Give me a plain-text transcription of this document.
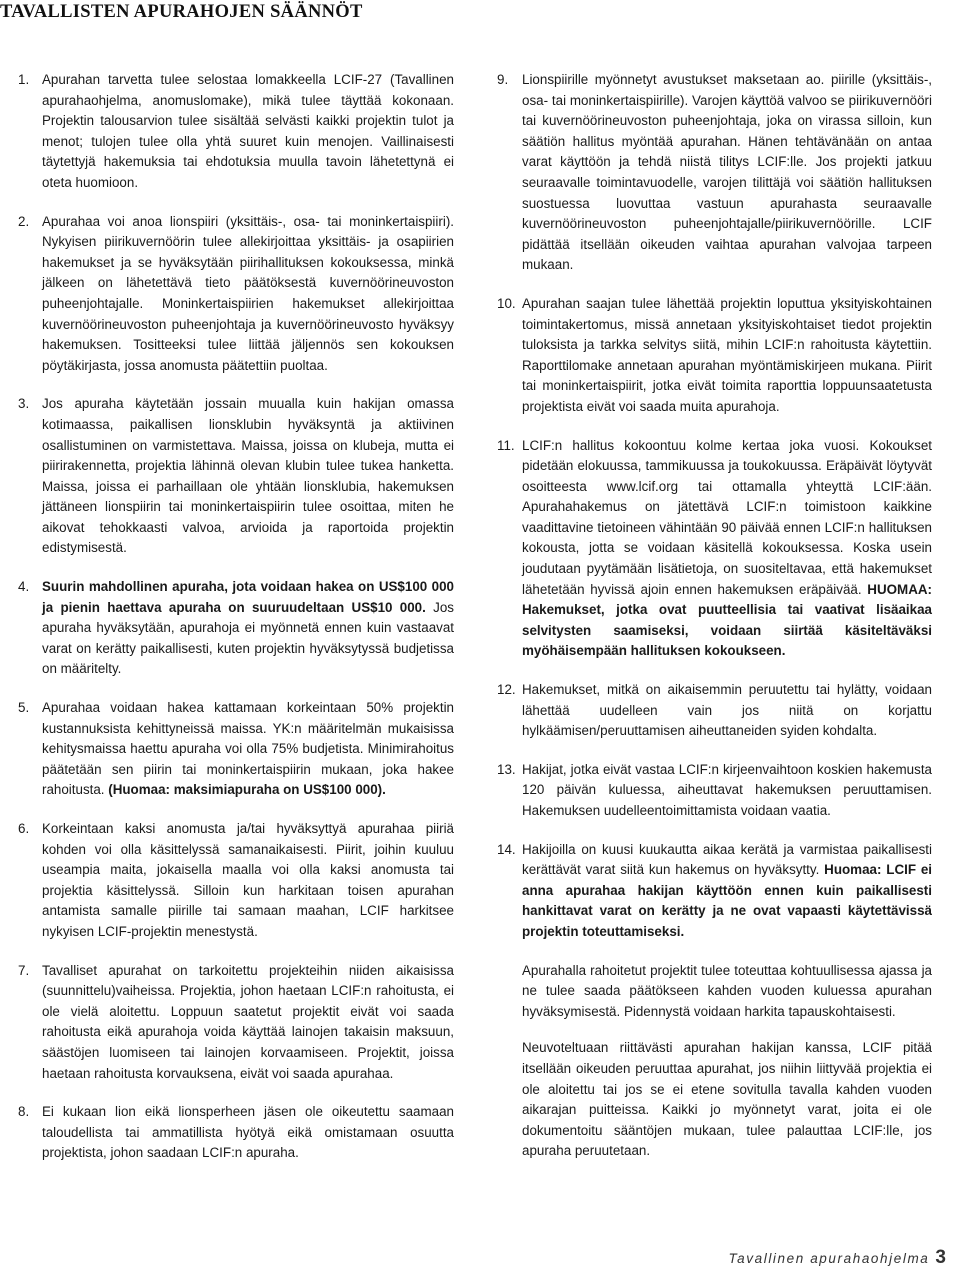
TAVALLISTEN APURAHOJEN SÄÄNNÖT
1. Apurahan tarvetta tulee selostaa lomakkeella LCIF-27 (Tavallinen apurahaohjelma, anomuslomake), mikä tulee täyttää kokonaan. Projektin talousarvion tulee sisältää selvästi kaikki projektin tulot ja menot; tulojen tulee olla yhtä suuret kuin menojen. Vaillinaisesti täytettyjä hakemuksia tai ehdotuksia muulla tavoin lähetettynä ei oteta huomioon.
2. Apurahaa voi anoa lionspiiri (yksittäis-, osa- tai moninkertaispiiri). Nykyisen piirikuvernöörin tulee allekirjoittaa yksittäis- ja osapiirien hakemukset ja se hyväksytään piirihallituksen kokouksessa, minkä jälkeen on lähetettävä tieto päätöksestä kuvernöörineuvoston puheenjohtajalle. Moninkertaispiirien hakemukset allekirjoittaa kuvernöörineuvoston puheenjohtaja ja kuvernöörineuvosto hyväksyy hakemuksen. Tositteeksi tulee liittää jäljennös sen kokouksen pöytäkirjasta, jossa anomusta päätettiin puoltaa.
3. Jos apuraha käytetään jossain muualla kuin hakijan omassa kotimaassa, paikallisen lionsklubin hyväksyntä ja aktiivinen osallistuminen on varmistettava. Maissa, joissa on klubeja, mutta ei piirirakennetta, projektia lähinnä olevan klubin tulee tukea hanketta. Maissa, joissa ei parhaillaan ole yhtään lionsklubia, hakemuksen jättäneen lionspiirin tai moninkertaispiirin tulee osoittaa, miten he aikovat tehokkaasti valvoa, arvioida ja raportoida projektin edistymisestä.
4. Suurin mahdollinen apuraha, jota voidaan hakea on US$100 000 ja pienin haettava apuraha on suuruudeltaan US$10 000. Jos apuraha hyväksytään, apurahoja ei myönnetä ennen kuin vastaavat varat on kerätty paikallisesti, kuten projektin hyväksytyssä budjetissa on määritelty.
5. Apurahaa voidaan hakea kattamaan korkeintaan 50% projektin kustannuksista kehittyneissä maissa. YK:n määritelmän mukaisissa kehitysmaissa haettu apuraha voi olla 75% budjetista. Minimirahoitus päätetään sen piirin tai moninkertaispiirin mukaan, joka hakee rahoitusta. (Huomaa: maksimiapuraha on US$100 000).
6. Korkeintaan kaksi anomusta ja/tai hyväksyttyä apurahaa piiriä kohden voi olla käsittelyssä samanaikaisesti. Piirit, joihin kuuluu useampia maita, jokaisella maalla voi olla kaksi anomusta tai projektia käsittelyssä. Silloin kun harkitaan toisen apurahan antamista samalle piirille tai samaan maahan, LCIF harkitsee nykyisen LCIF-projektin menestystä.
7. Tavalliset apurahat on tarkoitettu projekteihin niiden aikaisissa (suunnittelu)vaiheissa. Projektia, johon haetaan LCIF:n rahoitusta, ei ole vielä aloitettu. Loppuun saatetut projektit eivät voi saada rahoitusta eikä apurahoja voida käyttää lainojen takaisin maksuun, säästöjen luomiseen tai lainojen korvaamiseen. Projektit, joissa haetaan rahoitusta korvauksena, eivät voi saada apurahaa.
8. Ei kukaan lion eikä lionsperheen jäsen ole oikeutettu saamaan taloudellista tai ammatillista hyötyä eikä omistamaan osuutta projektista, johon saadaan LCIF:n apuraha.
9. Lionspiirille myönnetyt avustukset maksetaan ao. piirille (yksittäis-, osa- tai moninkertaispiirille). Varojen käyttöä valvoo se piirikuvernööri tai kuvernöörineuvoston puheenjohtaja, joka on virassa silloin, kun säätiön hallitus myöntää apurahan. Hänen tehtävänään on antaa varat käyttöön ja tehdä niistä tilitys LCIF:lle. Jos projekti jatkuu seuraavalle toimintavuodelle, varojen tilittäjä voi säätiön hallituksen suostuessa luovuttaa vastuun apurahasta seuraavalle kuvernöörineuvoston puheenjohtajalle/piirikuvernöörille. LCIF pidättää itsellään oikeuden vaihtaa apurahan valvojaa tarpeen mukaan.
10. Apurahan saajan tulee lähettää projektin loputtua yksityiskohtainen toimintakertomus, missä annetaan yksityiskohtaiset tiedot projektin tuloksista ja tarkka selvitys siitä, mihin LCIF:n rahoitusta käytettiin. Raporttilomake annetaan apurahan myöntämiskirjeen mukana. Piirit tai moninkertaispiirit, jotka eivät toimita raporttia loppuunsaatetusta projektista eivät voi saada muita apurahoja.
11. LCIF:n hallitus kokoontuu kolme kertaa joka vuosi. Kokoukset pidetään elokuussa, tammikuussa ja toukokuussa. Eräpäivät löytyvät osoitteesta www.lcif.org tai ottamalla yhteyttä LCIF:ään. Apurahahakemus on jätettävä LCIF:n toimistoon kaikkine vaadittavine tietoineen vähintään 90 päivää ennen LCIF:n hallituksen kokousta, jotta se voidaan käsitellä kokouksessa. Koska usein joudutaan pyytämään lisätietoja, on suositeltavaa, että hakemukset lähetetään hyvissä ajoin ennen hakemuksen eräpäivää. HUOMAA: Hakemukset, jotka ovat puutteellisia tai vaativat lisäaikaa selvitysten saamiseksi, voidaan siirtää käsiteltäväksi myöhäisempään hallituksen kokoukseen.
12. Hakemukset, mitkä on aikaisemmin peruutettu tai hylätty, voidaan lähettää uudelleen vain jos niitä on korjattu hylkäämisen/peruuttamisen aiheuttaneiden syiden kohdalta.
13. Hakijat, jotka eivät vastaa LCIF:n kirjeenvaihtoon koskien hakemusta 120 päivän kuluessa, aiheuttavat hakemuksen peruuttamisen. Hakemuksen uudelleentoimittamista voidaan vaatia.
14. Hakijoilla on kuusi kuukautta aikaa kerätä ja varmistaa paikallisesti kerättävät varat siitä kun hakemus on hyväksytty. Huomaa: LCIF ei anna apurahaa hakijan käyttöön ennen kuin paikallisesti hankittavat varat on kerätty ja ne ovat vapaasti käytettävissä projektin toteuttamiseksi.

Apurahalla rahoitetut projektit tulee toteuttaa kohtuullisessa ajassa ja ne tulee saada päätökseen kahden vuoden kuluessa apurahan hyväksymisestä. Pidennystä voidaan harkita tapauskohtaisesti.

Neuvoteltuaan riittävästi apurahan hakijan kanssa, LCIF pitää itsellään oikeuden peruuttaa apurahat, jos niihin liittyvää projektia ei ole aloitettu tai jos se ei etene sovitulla tavalla kahden vuoden aikarajan puitteissa. Kaikki jo myönnetyt varat, joita ei ole dokumentoitu sääntöjen mukaan, tulee palauttaa LCIF:lle, jos apuraha peruutetaan.

Tavallinen apurahaohjelma 3
